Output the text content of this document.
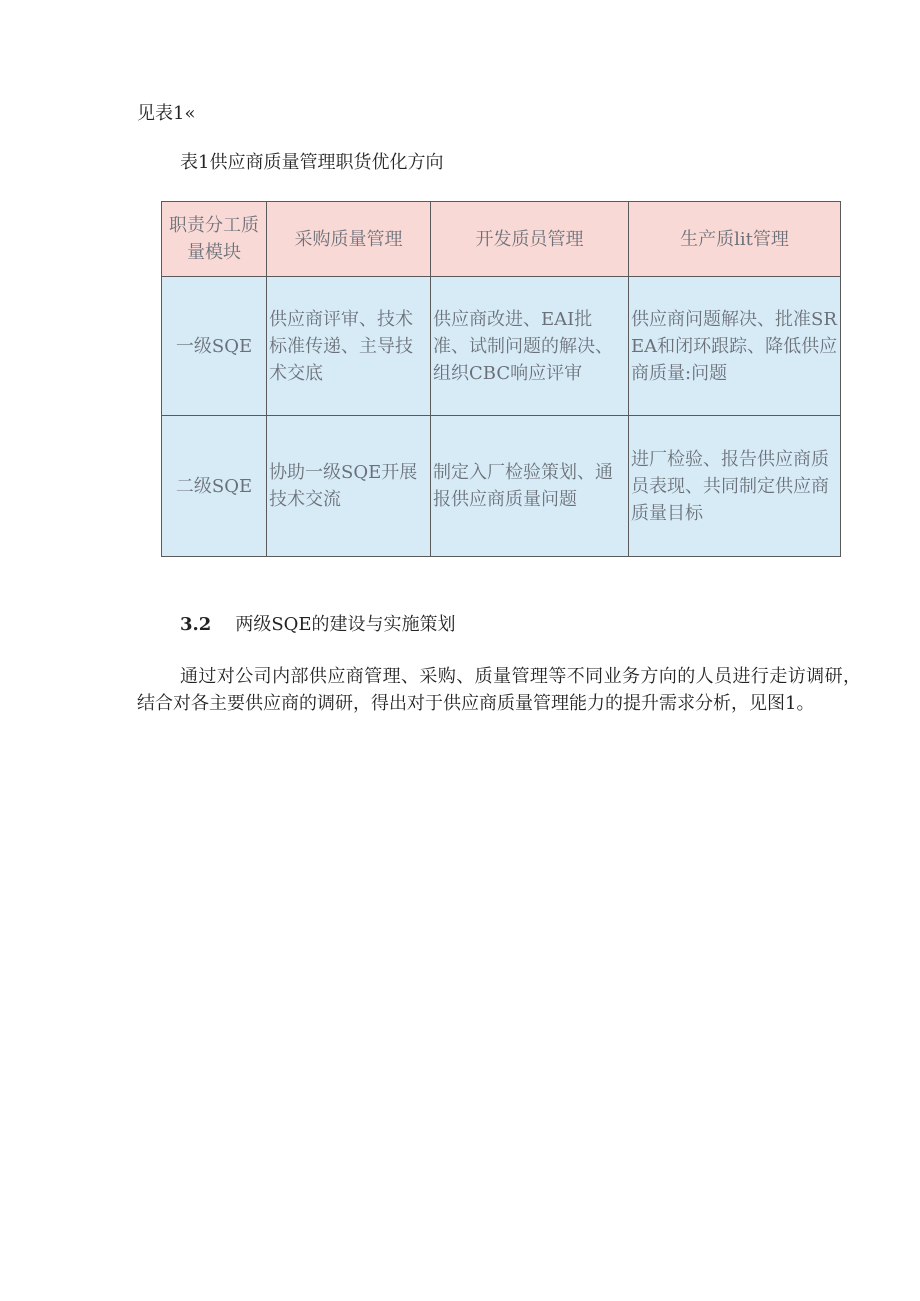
见表1«
表1供应商质量管理职货优化方向
职责分工质量模块	采购质量管理	开发质员管理	生产质lit管理
一级SQE	供应商评审、技术标准传递、主导技术交底	供应商改进、EAI批准、试制问题的解决、组织CBC响应评审	供应商问题解决、批准SREA和闭环跟踪、降低供应商质量:问题
二级SQE	协助一级SQE开展技术交流	制定入厂检验策划、通报供应商质量问题	进厂检验、报告供应商质员表现、共同制定供应商质量目标
3.2 两级SQE的建设与实施策划
通过对公司内部供应商管理、采购、质量管理等不同业务方向的人员进行走访调研，结合对各主要供应商的调研，得出对于供应商质量管理能力的提升需求分析，见图1。
